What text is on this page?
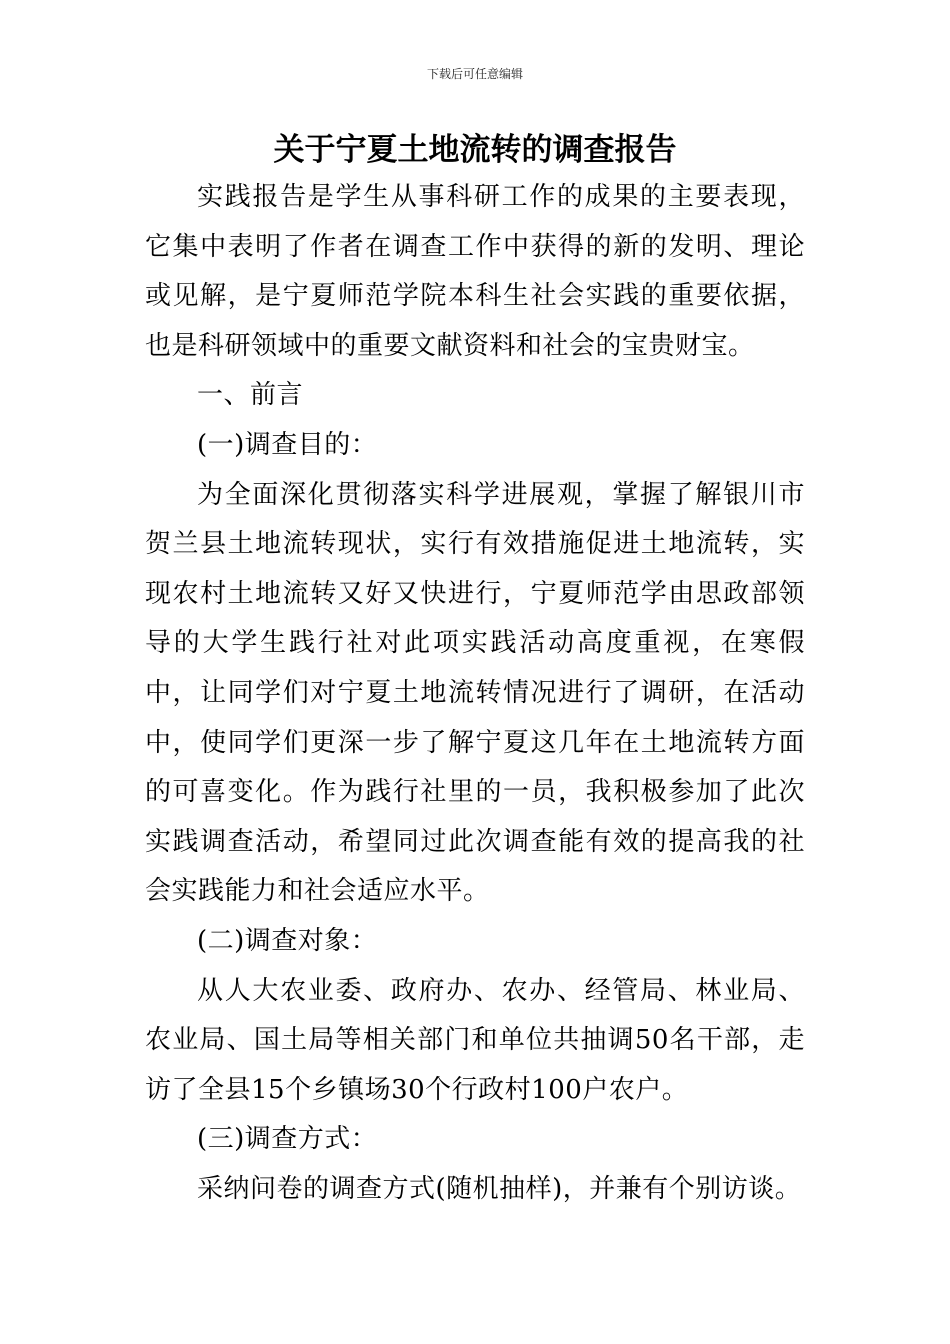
下载后可任意编辑
关于宁夏土地流转的调查报告

实践报告是学生从事科研工作的成果的主要表现，它集中表明了作者在调查工作中获得的新的发明、理论或见解，是宁夏师范学院本科生社会实践的重要依据，也是科研领域中的重要文献资料和社会的宝贵财宝。

一、前言

(一)调查目的：

为全面深化贯彻落实科学进展观，掌握了解银川市贺兰县土地流转现状，实行有效措施促进土地流转，实现农村土地流转又好又快进行，宁夏师范学由思政部领导的大学生践行社对此项实践活动高度重视，在寒假中，让同学们对宁夏土地流转情况进行了调研，在活动中，使同学们更深一步了解宁夏这几年在土地流转方面的可喜变化。作为践行社里的一员，我积极参加了此次实践调查活动，希望同过此次调查能有效的提高我的社会实践能力和社会适应水平。

(二)调查对象：

从人大农业委、政府办、农办、经管局、林业局、农业局、国土局等相关部门和单位共抽调50名干部，走访了全县15个乡镇场30个行政村100户农户。

(三)调查方式：

采纳问卷的调查方式(随机抽样)，并兼有个别访谈。
